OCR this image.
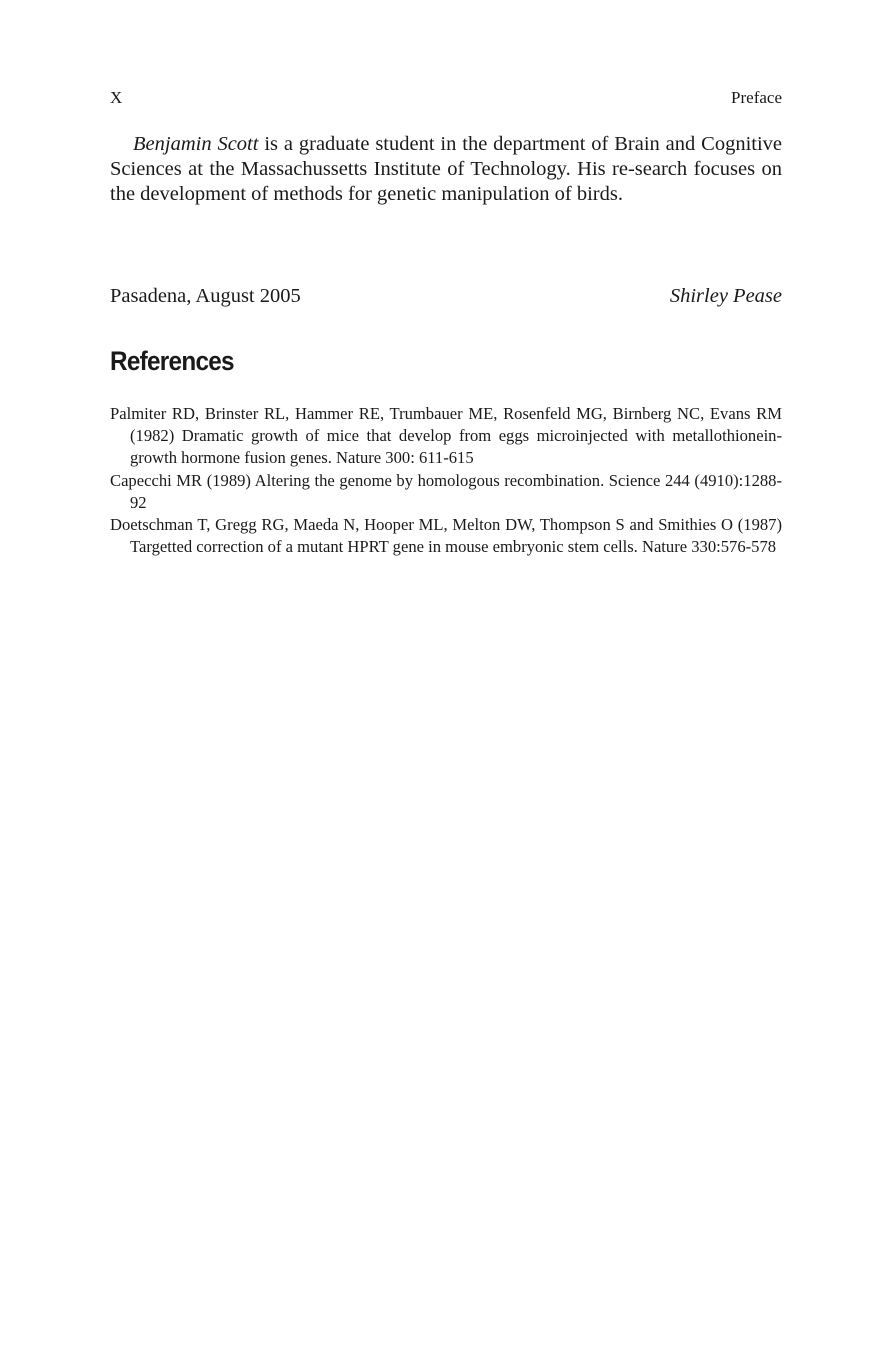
X	Preface

Benjamin Scott is a graduate student in the department of Brain and Cognitive Sciences at the Massachussetts Institute of Technology. His re-search focuses on the development of methods for genetic manipulation of birds.

Pasadena, August 2005	Shirley Pease
References
Palmiter RD, Brinster RL, Hammer RE, Trumbauer ME, Rosenfeld MG, Birnberg NC, Evans RM (1982) Dramatic growth of mice that develop from eggs microinjected with metallothionein-growth hormone fusion genes. Nature 300: 611-615
Capecchi MR (1989) Altering the genome by homologous recombination. Science 244 (4910):1288-92
Doetschman T, Gregg RG, Maeda N, Hooper ML, Melton DW, Thompson S and Smithies O (1987) Targetted correction of a mutant HPRT gene in mouse embryonic stem cells. Nature 330:576-578
